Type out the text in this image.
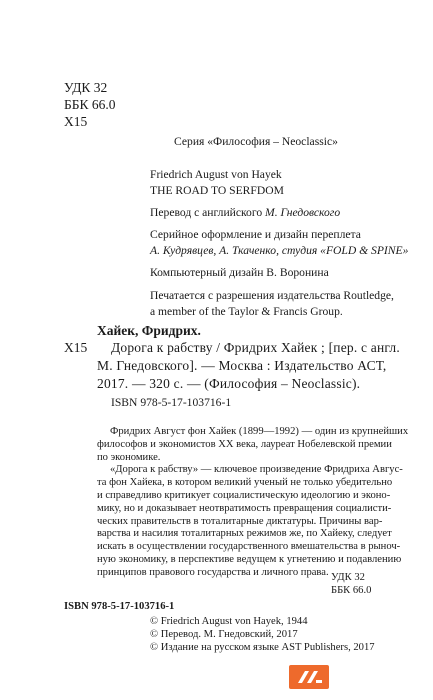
УДК 32
ББК 66.0
Х15
Серия «Философия – Neoclassic»
Friedrich August von Hayek
THE ROAD TO SERFDOM
Перевод с английского М. Гнедовского
Серийное оформление и дизайн переплета
А. Кудрявцев, А. Ткаченко, студия «FOLD & SPINE»
Компьютерный дизайн В. Воронина
Печатается с разрешения издательства Routledge,
a member of the Taylor & Francis Group.
Хайек, Фридрих.
Х15 Дорога к рабству / Фридрих Хайек ; [пер. с англ.
М. Гнедовского]. — Москва : Издательство АСТ,
2017. — 320 с. — (Философия – Neoclassic).
ISBN 978-5-17-103716-1

Фридрих Август фон Хайек (1899—1992) — один из крупнейших

философов и экономистов XX века, лауреат Нобелевской премии

по экономике.

«Дорога к рабству» — ключевое произведение Фридриха Авгус-

та фон Хайека, в котором великий ученый не только убедительно

и справедливо критикует социалистическую идеологию и эконо-

мику, но и доказывает неотвратимость превращения социалисти-

ческих правительств в тоталитарные диктатуры. Причины вар-

варства и насилия тоталитарных режимов же, по Хайеку, следует

искать в осуществлении государственного вмешательства в рыноч-

ную экономику, в перспективе ведущем к угнетению и подавлению

принципов правового государства и личного права. УДК 32
ББК 66.0
ISBN 978-5-17-103716-1
© Friedrich August von Hayek, 1944
© Перевод. М. Гнедовский, 2017
© Издание на русском языке AST Publishers, 2017
